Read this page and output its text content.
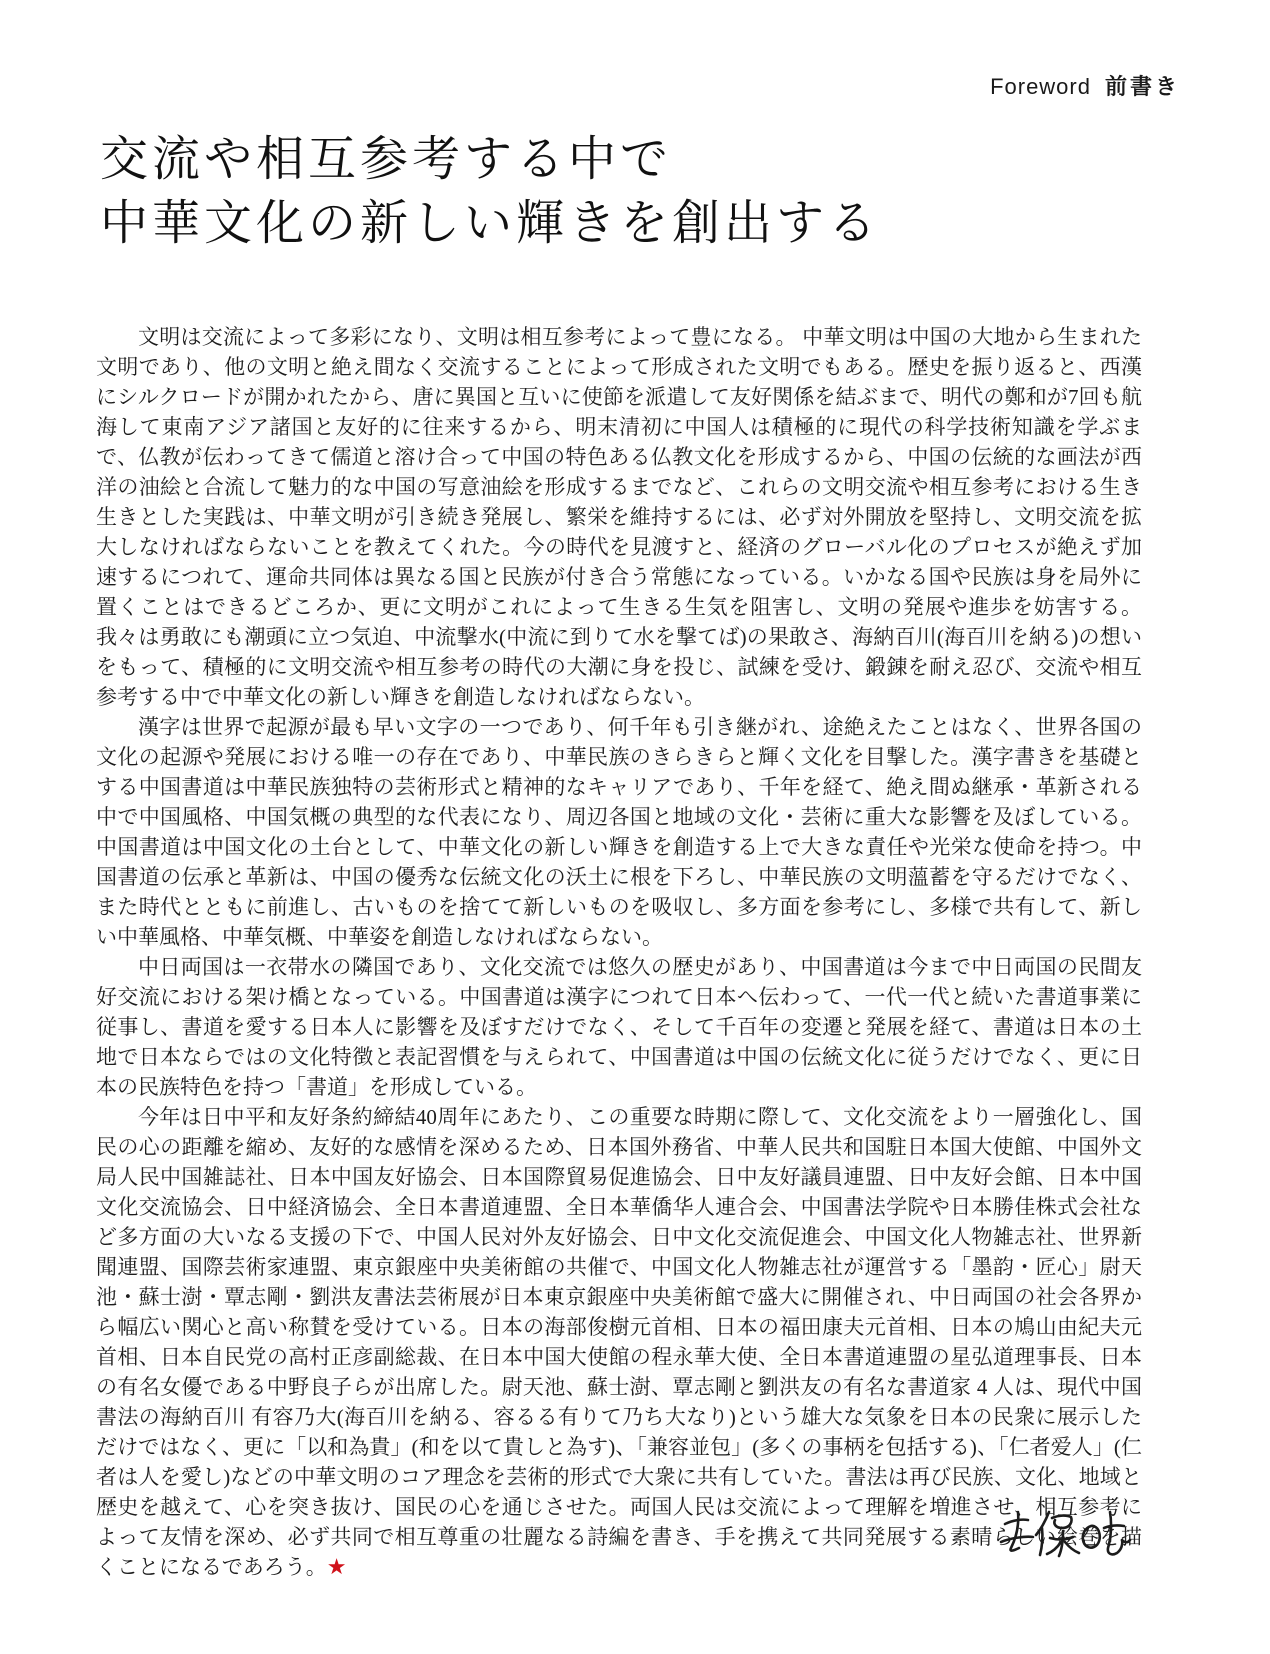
Foreword 前書き
交流や相互参考する中で
中華文化の新しい輝きを創出する

文明は交流によって多彩になり、文明は相互参考によって豊になる。 中華文明は中国の大地から生まれた文明であり、他の文明と絶え間なく交流することによって形成された文明でもある。歴史を振り返ると、西漢にシルクロードが開かれたから、唐に異国と互いに使節を派遣して友好関係を結ぶまで、明代の鄭和が7回も航海して東南アジア諸国と友好的に往来するから、明末清初に中国人は積極的に現代の科学技術知識を学ぶまで、仏教が伝わってきて儒道と溶け合って中国の特色ある仏教文化を形成するから、中国の伝統的な画法が西洋の油絵と合流して魅力的な中国の写意油絵を形成するまでなど、これらの文明交流や相互参考における生き生きとした実践は、中華文明が引き続き発展し、繁栄を維持するには、必ず対外開放を堅持し、文明交流を拡大しなければならないことを教えてくれた。今の時代を見渡すと、経済のグローバル化のプロセスが絶えず加速するにつれて、運命共同体は異なる国と民族が付き合う常態になっている。いかなる国や民族は身を局外に置くことはできるどころか、更に文明がこれによって生きる生気を阻害し、文明の発展や進歩を妨害する。我々は勇敢にも潮頭に立つ気迫、中流撃水(中流に到りて水を撃てば)の果敢さ、海納百川(海百川を納る)の想いをもって、積極的に文明交流や相互参考の時代の大潮に身を投じ、試練を受け、鍛錬を耐え忍び、交流や相互参考する中で中華文化の新しい輝きを創造しなければならない。

漢字は世界で起源が最も早い文字の一つであり、何千年も引き継がれ、途絶えたことはなく、世界各国の文化の起源や発展における唯一の存在であり、中華民族のきらきらと輝く文化を目撃した。漢字書きを基礎とする中国書道は中華民族独特の芸術形式と精神的なキャリアであり、千年を経て、絶え間ぬ継承・革新される中で中国風格、中国気概の典型的な代表になり、周辺各国と地域の文化・芸術に重大な影響を及ぼしている。中国書道は中国文化の土台として、中華文化の新しい輝きを創造する上で大きな責任や光栄な使命を持つ。中国書道の伝承と革新は、中国の優秀な伝統文化の沃土に根を下ろし、中華民族の文明薀蓄を守るだけでなく、また時代とともに前進し、古いものを捨てて新しいものを吸収し、多方面を参考にし、多様で共有して、新しい中華風格、中華気概、中華姿を創造しなければならない。

中日両国は一衣帯水の隣国であり、文化交流では悠久の歴史があり、中国書道は今まで中日両国の民間友好交流における架け橋となっている。中国書道は漢字につれて日本へ伝わって、一代一代と続いた書道事業に従事し、書道を愛する日本人に影響を及ぼすだけでなく、そして千百年の変遷と発展を経て、書道は日本の土地で日本ならではの文化特徴と表記習慣を与えられて、中国書道は中国の伝統文化に従うだけでなく、更に日本の民族特色を持つ「書道」を形成している。

今年は日中平和友好条約締結40周年にあたり、この重要な時期に際して、文化交流をより一層強化し、国民の心の距離を縮め、友好的な感情を深めるため、日本国外務省、中華人民共和国駐日本国大使館、中国外文局人民中国雑誌社、日本中国友好協会、日本国際貿易促進協会、日中友好議員連盟、日中友好会館、日本中国文化交流協会、日中経済協会、全日本書道連盟、全日本華僑华人連合会、中国書法学院や日本勝佳株式会社など多方面の大いなる支援の下で、中国人民対外友好協会、日中文化交流促進会、中国文化人物雑志社、世界新聞連盟、国際芸術家連盟、東京銀座中央美術館の共催で、中国文化人物雑志社が運営する「墨韵・匠心」尉天池・蘇士澍・覃志剛・劉洪友書法芸術展が日本東京銀座中央美術館で盛大に開催され、中日両国の社会各界から幅広い関心と高い称賛を受けている。日本の海部俊樹元首相、日本の福田康夫元首相、日本の鳩山由紀夫元首相、日本自民党の高村正彦副総裁、在日本中国大使館の程永華大使、全日本書道連盟の星弘道理事長、日本の有名女優である中野良子らが出席した。尉天池、蘇士澍、覃志剛と劉洪友の有名な書道家 4 人は、現代中国書法の海納百川 有容乃大(海百川を納る、容るる有りて乃ち大なり)という雄大な気象を日本の民衆に展示しただけではなく、更に「以和為貴」(和を以て貴しと為す)、「兼容並包」(多くの事柄を包括する)、「仁者爱人」(仁者は人を愛し)などの中華文明のコア理念を芸術的形式で大衆に共有していた。書法は再び民族、文化、地域と歴史を越えて、心を突き抜け、国民の心を通じさせた。両国人民は交流によって理解を増進させ、相互参考によって友情を深め、必ず共同で相互尊重の壮麗なる詩編を書き、手を携えて共同発展する素晴らしい絵巻を描くことになるであろう。★
